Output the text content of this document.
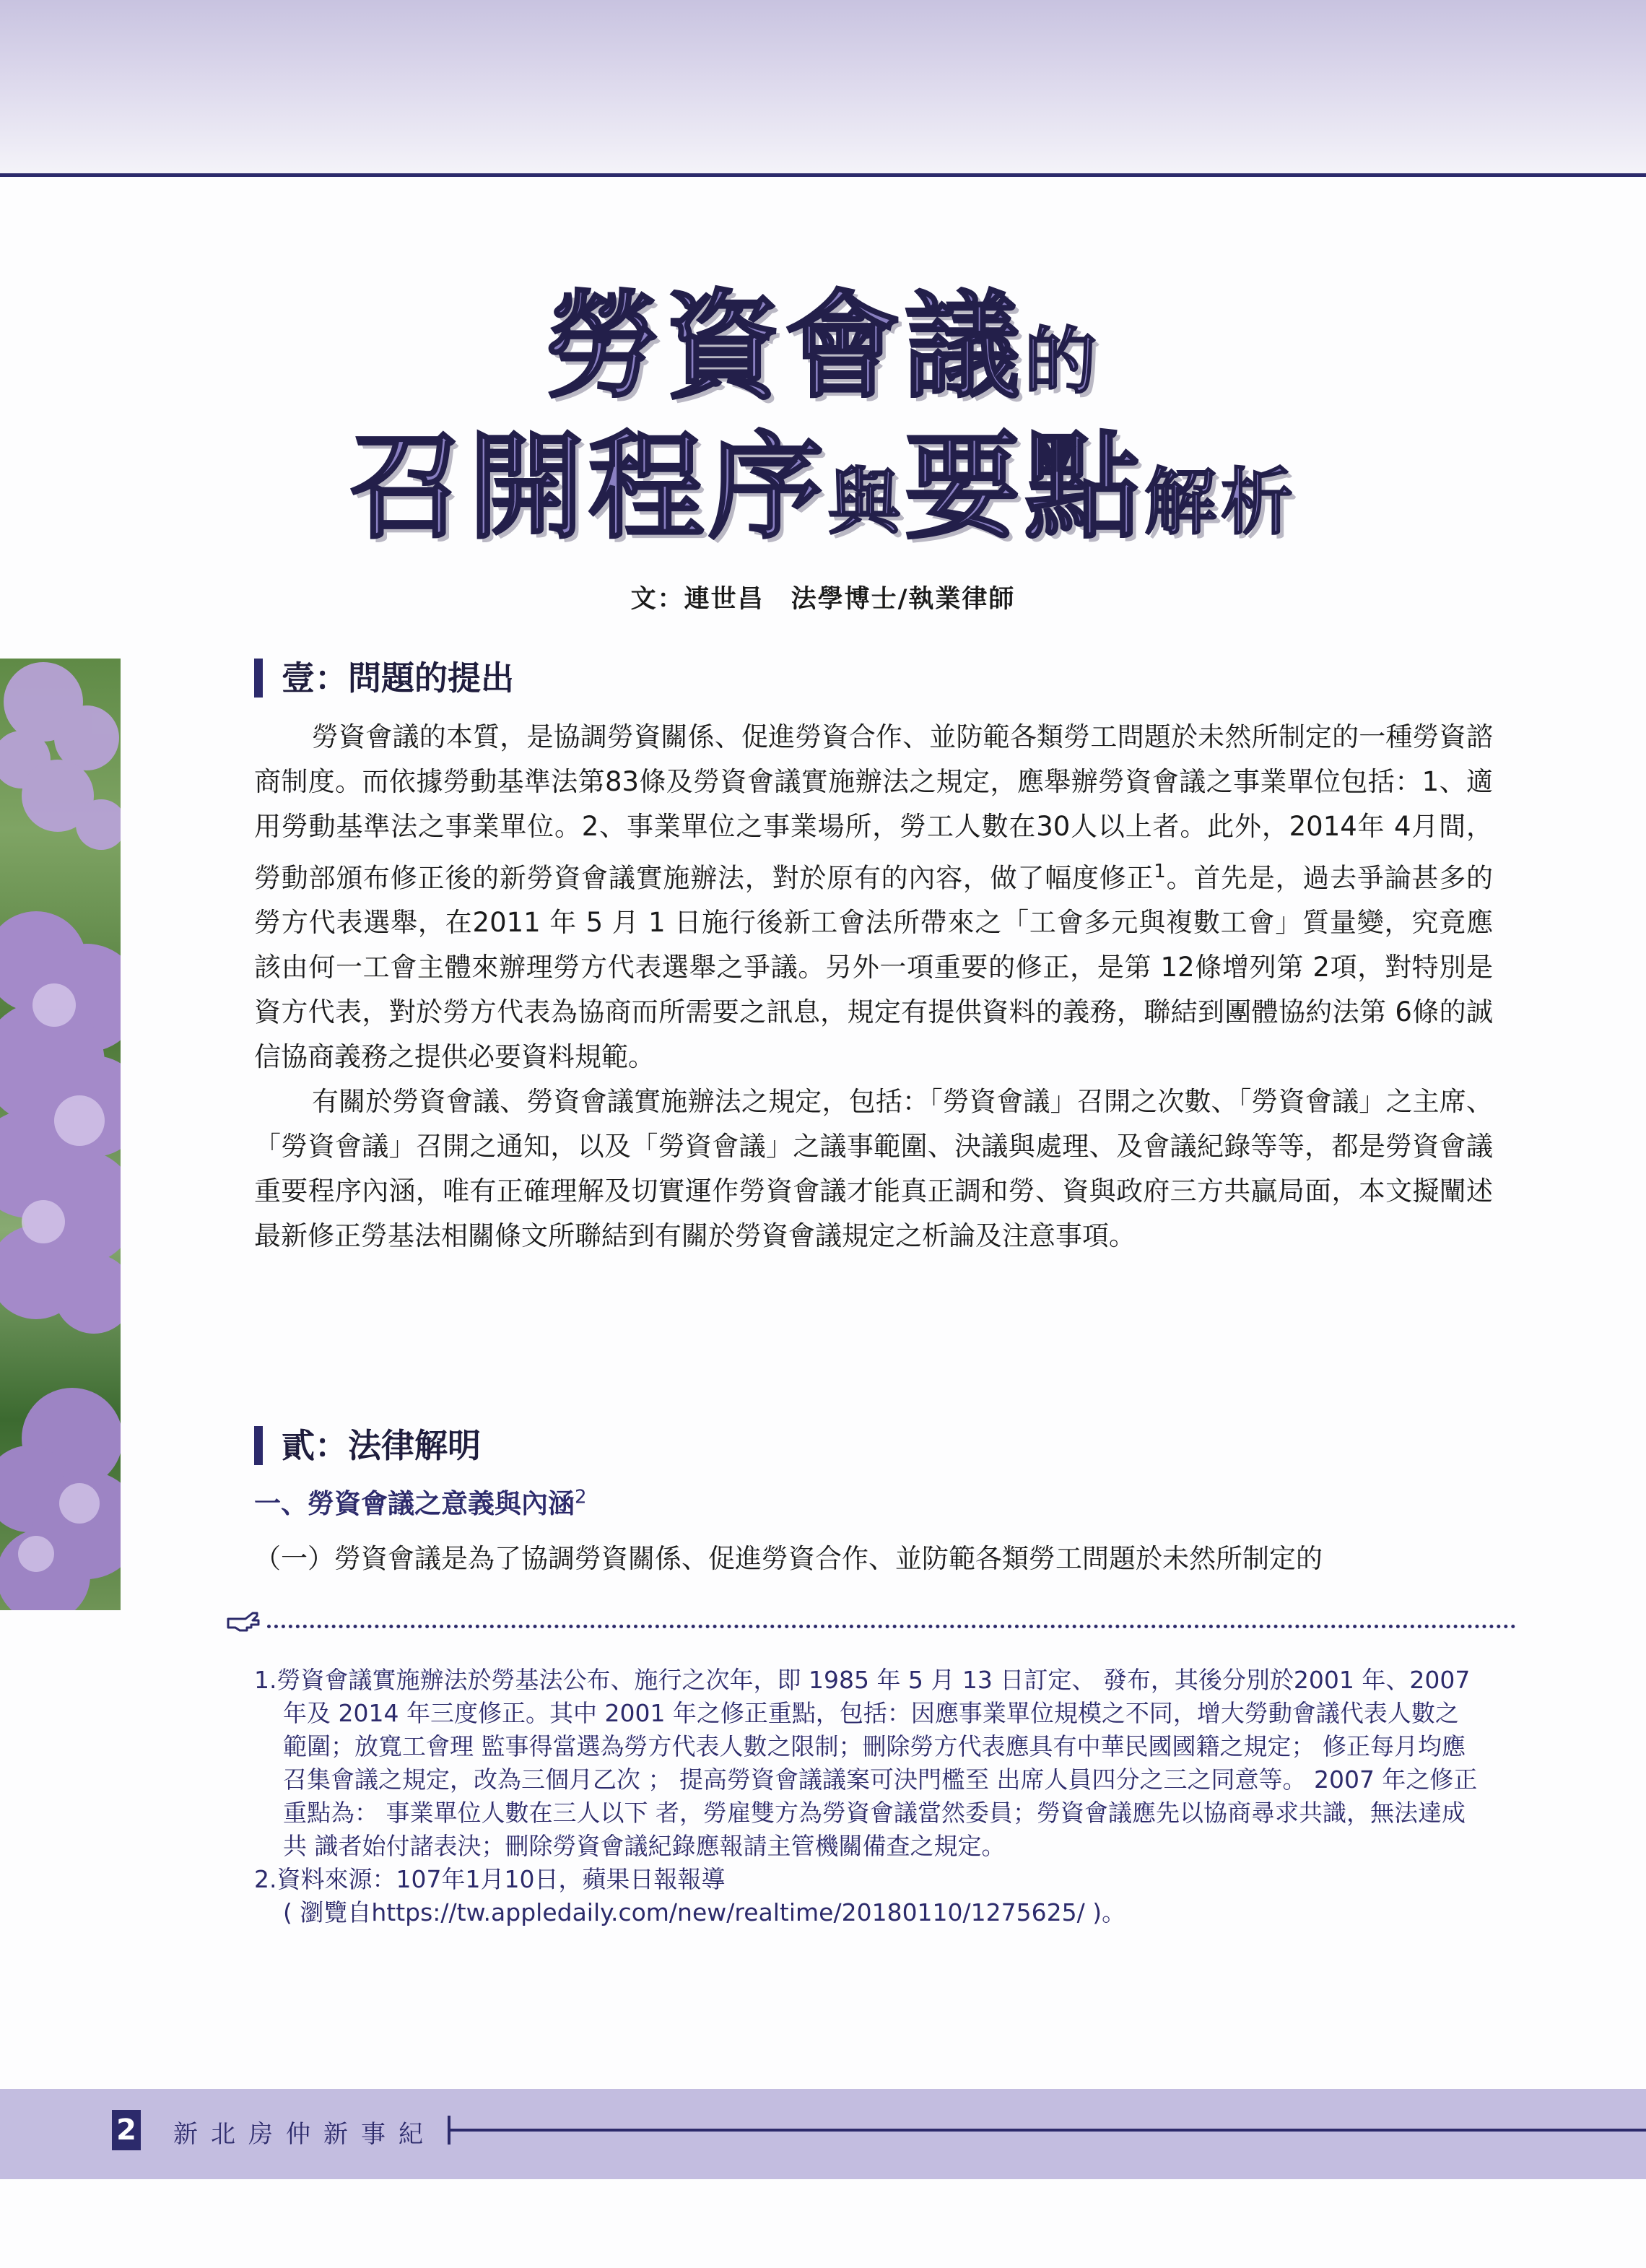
勞資會議的
召開程序與要點解析
文：連世昌　法學博士/執業律師
壹：問題的提出

勞資會議的本質，是協調勞資關係、促進勞資合作、並防範各類勞工問題於未然所制定的一種勞資諮商制度。而依據勞動基準法第83條及勞資會議實施辦法之規定，應舉辦勞資會議之事業單位包括：1、適用勞動基準法之事業單位。2、事業單位之事業場所，勞工人數在30人以上者。此外，2014年 4月間，勞動部頒布修正後的新勞資會議實施辦法，對於原有的內容，做了幅度修正$^1$。首先是，過去爭論甚多的勞方代表選舉，在2011 年 5 月 1 日施行後新工會法所帶來之「工會多元與複數工會」質量變，究竟應該由何一工會主體來辦理勞方代表選舉之爭議。另外一項重要的修正，是第 12條增列第 2項，對特別是資方代表，對於勞方代表為協商而所需要之訊息，規定有提供資料的義務，聯結到團體協約法第 6條的誠信協商義務之提供必要資料規範。

有關於勞資會議、勞資會議實施辦法之規定，包括：「勞資會議」召開之次數、「勞資會議」之主席、「勞資會議」召開之通知，以及「勞資會議」之議事範圍、決議與處理、及會議紀錄等等，都是勞資會議重要程序內涵，唯有正確理解及切實運作勞資會議才能真正調和勞、資與政府三方共贏局面，本文擬闡述最新修正勞基法相關條文所聯結到有關於勞資會議規定之析論及注意事項。

貳：法律解明
一、勞資會議之意義與內涵$^2$
（一）勞資會議是為了協調勞資關係、促進勞資合作、並防範各類勞工問題於未然所制定的
1.勞資會議實施辦法於勞基法公布、施行之次年，即 1985 年 5 月 13 日訂定、 發布，其後分別於2001 年、2007 年及 2014 年三度修正。其中 2001 年之修正重點，包括：因應事業單位規模之不同，增大勞動會議代表人數之範圍；放寬工會理 監事得當選為勞方代表人數之限制；刪除勞方代表應具有中華民國國籍之規定； 修正每月均應召集會議之規定，改為三個月乙次 ； 提高勞資會議議案可決門檻至 出席人員四分之三之同意等。 2007 年之修正重點為： 事業單位人數在三人以下 者，勞雇雙方為勞資會議當然委員；勞資會議應先以協商尋求共識，無法達成共 識者始付諸表決；刪除勞資會議紀錄應報請主管機關備查之規定。
2.資料來源：107年1月10日，蘋果日報報導
( 瀏覽自https://tw.appledaily.com/new/realtime/20180110/1275625/ )。
2 新北房仲新事紀
